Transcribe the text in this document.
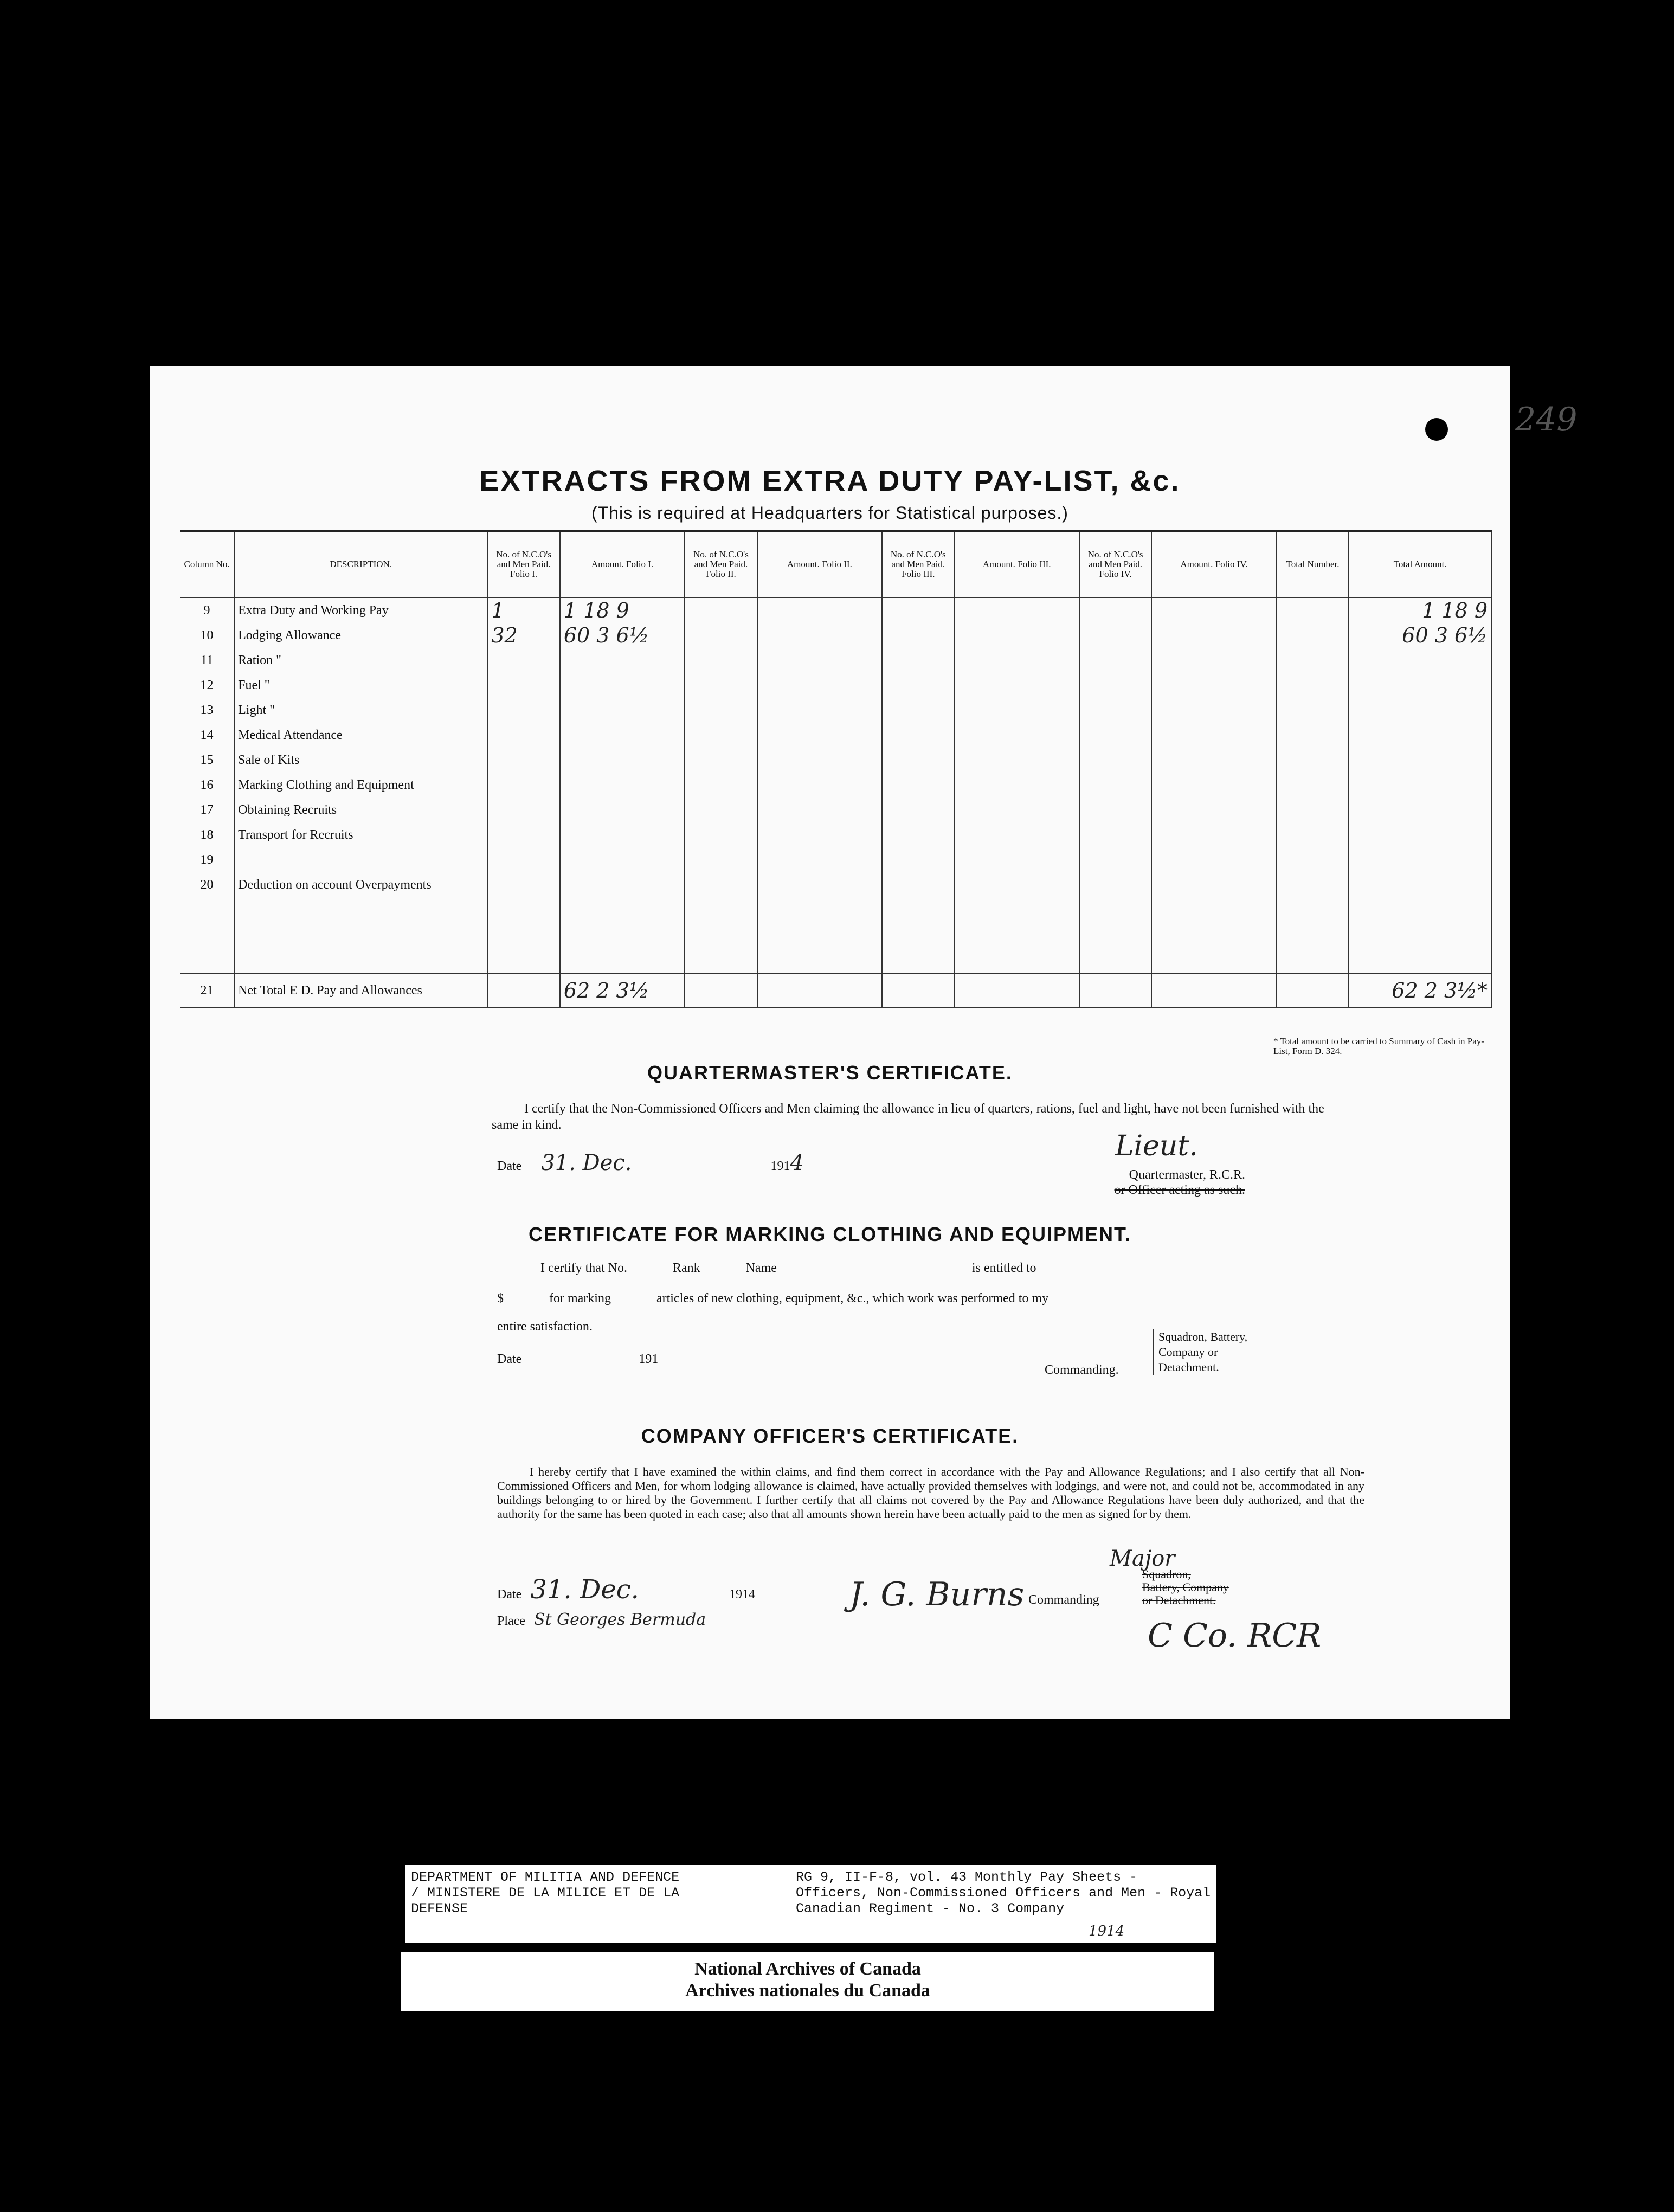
249
EXTRACTS FROM EXTRA DUTY PAY-LIST, &c.
(This is required at Headquarters for Statistical purposes.)
Column No.	DESCRIPTION.	No. of N.C.O's and Men Paid. Folio I.	Amount. Folio I.	No. of N.C.O's and Men Paid. Folio II.	Amount. Folio II.	No. of N.C.O's and Men Paid. Folio III.	Amount. Folio III.	No. of N.C.O's and Men Paid. Folio IV.	Amount. Folio IV.	Total Number.	Total Amount.
9	Extra Duty and Working Pay	1	1 18 9								1 18 9
10	Lodging Allowance	32	60 3 6½								60 3 6½
11	Ration "										
12	Fuel "										
13	Light "										
14	Medical Attendance										
15	Sale of Kits										
16	Marking Clothing and Equipment										
17	Obtaining Recruits										
18	Transport for Recruits										
19											
20	Deduction on account Overpayments										

21	Net Total E D. Pay and Allowances		62 2 3½								62 2 3½*
* Total amount to be carried to Summary of Cash in Pay-List, Form D. 324.
QUARTERMASTER'S CERTIFICATE.
I certify that the Non-Commissioned Officers and Men claiming the allowance in lieu of quarters, rations, fuel and light, have not been furnished with the same in kind.
Date 31. Dec.	1914
Lieut.
Quartermaster, R.C.R.
or Officer acting as such.
CERTIFICATE FOR MARKING CLOTHING AND EQUIPMENT.
I certify that No.              Rank              Name                                                            is entitled to
$              for marking              articles of new clothing, equipment, &c., which work was performed to my
entire satisfaction.
Date                                    191
Commanding.
Squadron, Battery, Company or Detachment.
COMPANY OFFICER'S CERTIFICATE.
I hereby certify that I have examined the within claims, and find them correct in accordance with the Pay and Allowance Regulations; and I also certify that all Non-Commissioned Officers and Men, for whom lodging allowance is claimed, have actually provided themselves with lodgings, and were not, and could not be, accommodated in any buildings belonging to or hired by the Government. I further certify that all claims not covered by the Pay and Allowance Regulations have been duly authorized, and that the authority for the same has been quoted in each case; also that all amounts shown herein have been actually paid to the men as signed for by them.
Date 31. Dec.	1914
Place St Georges Bermuda
J. G. Burns
Major
Commanding
Squadron, Battery, Company or Detachment.
C Co. RCR
DEPARTMENT OF MILITIA AND DEFENCE / MINISTERE DE LA MILICE ET DE LA DEFENSE
RG 9, II-F-8, vol. 43 Monthly Pay Sheets - Officers, Non-Commissioned Officers and Men - Royal Canadian Regiment - No. 3 Company
1914
National Archives of Canada
Archives nationales du Canada
